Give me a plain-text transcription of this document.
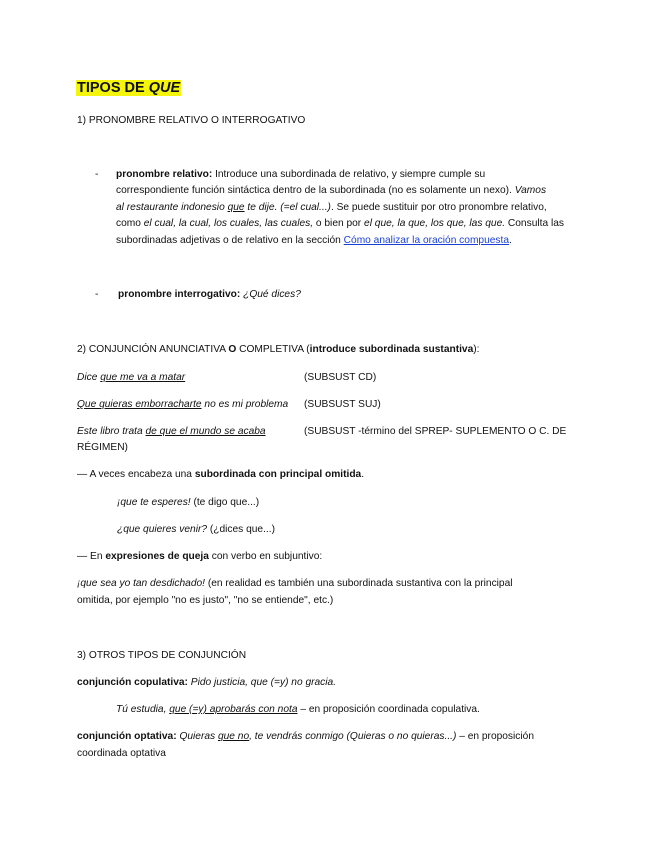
TIPOS DE QUE
1) PRONOMBRE RELATIVO O INTERROGATIVO
- pronombre relativo: Introduce una subordinada de relativo, y siempre cumple su
correspondiente función sintáctica dentro de la subordinada (no es solamente un nexo). Vamos
al restaurante indonesio que te dije. (=el cual...). Se puede sustituir por otro pronombre relativo,
como el cual, la cual, los cuales, las cuales, o bien por el que, la que, los que, las que. Consulta las
subordinadas adjetivas o de relativo en la sección Cómo analizar la oración compuesta.
- pronombre interrogativo: ¿Qué dices?
2) CONJUNCIÓN ANUNCIATIVA O COMPLETIVA (introduce subordinada sustantiva):
Dice que me va a matar	(SUBSUST CD)
Que quieras emborracharte no es mi problema (SUBSUST SUJ)
Este libro trata de que el mundo se acaba	(SUBSUST -término del SPREP- SUPLEMENTO O C. DE
RÉGIMEN)
— A veces encabeza una subordinada con principal omitida.
¡que te esperes! (te digo que...)
¿que quieres venir? (¿dices que...)
— En expresiones de queja con verbo en subjuntivo:
¡que sea yo tan desdichado! (en realidad es también una subordinada sustantiva con la principal
omitida, por ejemplo "no es justo", "no se entiende", etc.)
3) OTROS TIPOS DE CONJUNCIÓN
conjunción copulativa: Pido justicia, que (=y) no gracia.
Tú estudia, que (=y) aprobarás con nota – en proposición coordinada copulativa.
conjunción optativa: Quieras que no, te vendrás conmigo (Quieras o no quieras...) – en proposición
coordinada optativa
